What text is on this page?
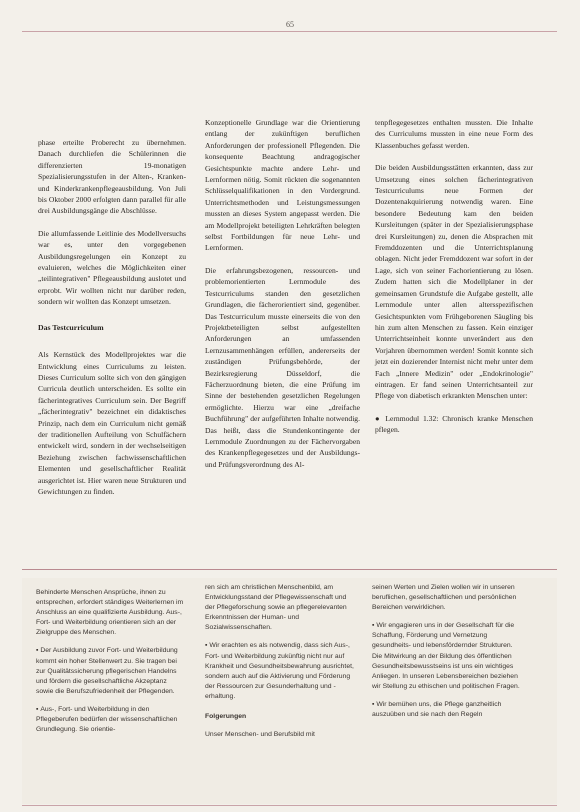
65

phase erteilte Proberecht zu übernehmen. Danach durchliefen die Schülerinnen die differenzierten 19-monatigen Spezialisierungsstufen in der Alten-, Kranken- und Kinderkrankenpflegeausbildung. Von Juli bis Oktober 2000 erfolgten dann parallel für alle drei Ausbildungsgänge die Abschlüsse.

Die allumfassende Leitlinie des Modellversuchs war es, unter den vorgegebenen Ausbildungsregelungen ein Konzept zu evaluieren, welches die Möglichkeiten einer „teilintegrativen" Pflegeausbildung auslotet und erprobt. Wir wollten nicht nur darüber reden, sondern wir wollten das Konzept umsetzen.

Das Testcurriculum

Als Kernstück des Modellprojektes war die Entwicklung eines Curriculums zu leisten. Dieses Curriculum sollte sich von den gängigen Curricula deutlich unterscheiden. Es sollte ein fächerintegratives Curriculum sein. Der Begriff „fächerintegrativ" bezeichnet ein didaktisches Prinzip, nach dem ein Curriculum nicht gemäß der traditionellen Aufteilung von Schulfächern entwickelt wird, sondern in der wechselseitigen Beziehung zwischen fachwissenschaftlichen Elementen und gesellschaftlicher Realität ausgerichtet ist. Hier waren neue Strukturen und Gewichtungen zu finden.

Konzeptionelle Grundlage war die Orientierung entlang der zukünftigen beruflichen Anforderungen der professionell Pflegenden. Die konsequente Beachtung andragogischer Gesichtspunkte machte andere Lehr- und Lernformen nötig. Somit rückten die sogenannten Schlüsselqualifikationen in den Vordergrund. Unterrichtsmethoden und Leistungsmessungen mussten an dieses System angepasst werden. Die am Modellprojekt beteiligten Lehrkräften belegten selbst Fortbildungen für neue Lehr- und Lernformen.

Die erfahrungsbezogenen, ressourcen- und problemorientierten Lernmodule des Testcurriculums standen den gesetzlichen Grundlagen, die fächerorientiert sind, gegenüber. Das Testcurriculum musste einerseits die von den Projektbeteiligten selbst aufgestellten Anforderungen an umfassenden Lernzusammenhängen erfüllen, andererseits der zuständigen Prüfungsbehörde, der Bezirksregierung Düsseldorf, die Fächerzuordnung bieten, die eine Prüfung im Sinne der bestehenden gesetzlichen Regelungen ermöglichte. Hierzu war eine „dreifache Buchführung" der aufgeführten Inhalte notwendig. Das heißt, dass die Stundenkontingente der Lernmodule Zuordnungen zu der Fächervorgaben des Krankenpflegegesetzes und der Ausbildungs- und Prüfungsverordnung des Al-

tenpflegegesetzes enthalten mussten. Die Inhalte des Curriculums mussten in eine neue Form des Klassenbuches gefasst werden.

Die beiden Ausbildungsstätten erkannten, dass zur Umsetzung eines solchen fächerintegrativen Testcurriculums neue Formen der Dozentenakquirierung notwendig waren. Eine besondere Bedeutung kam den beiden Kursleitungen (später in der Spezialisierungsphase drei Kursleitungen) zu, denen die Absprachen mit Fremddozenten und die Unterrichtsplanung oblagen. Nicht jeder Fremddozent war sofort in der Lage, sich von seiner Fachorientierung zu lösen. Zudem hatten sich die Modellplaner in der gemeinsamen Grundstufe die Aufgabe gestellt, alle Lernmodule unter allen altersspezifischen Gesichtspunkten vom Frühgeborenen Säugling bis hin zum alten Menschen zu fassen. Kein einziger Unterrichtseinheit konnte unverändert aus den Vorjahren übernommen werden! Somit konnte sich jetzt ein dozierender Internist nicht mehr unter dem Fach „Innere Medizin" oder „Endokrinologie" eintragen. Er fand seinen Unterrichtsanteil zur Pflege von diabetisch erkrankten Menschen unter:

● Lernmodul 1.32: Chronisch kranke Menschen pflegen.

Behinderte Menschen Ansprüche, ihnen zu entsprechen, erfordert ständiges Weiterlernen im Anschluss an eine qualifizierte Ausbildung. Aus-, Fort- und Weiterbildung orientieren sich an der Zielgruppe des Menschen.

▪ Der Ausbildung zuvor Fort- und Weiterbildung kommt ein hoher Stellenwert zu. Sie tragen bei zur Qualitätssicherung pflegerischen Handelns und fördern die gesellschaftliche Akzeptanz sowie die Berufszufriedenheit der Pflegenden.

▪ Aus-, Fort- und Weiterbildung in den Pflegeberufen bedürfen der wissenschaftlichen Grundlegung. Sie orientie-

ren sich am christlichen Menschenbild, am Entwicklungsstand der Pflegewissenschaft und der Pflegeforschung sowie an pflegerelevanten Erkenntnissen der Human- und Sozialwissenschaften.

▪ Wir erachten es als notwendig, dass sich Aus-, Fort- und Weiterbildung zukünftig nicht nur auf Krankheit und Gesundheitsbewahrung ausrichtet, sondern auch auf die Aktivierung und Förderung der Ressourcen zur Gesunderhaltung und -erhaltung.

Folgerungen

Unser Menschen- und Berufsbild mit

seinen Werten und Zielen wollen wir in unseren beruflichen, gesellschaftlichen und persönlichen Bereichen verwirklichen.

▪ Wir engagieren uns in der Gesellschaft für die Schaffung, Förderung und Vernetzung gesundheits- und lebensfördernder Strukturen. Die Mitwirkung an der Bildung des öffentlichen Gesundheitsbewusstseins ist uns ein wichtiges Anliegen. In unseren Lebensbereichen beziehen wir Stellung zu ethischen und politischen Fragen.

▪ Wir bemühen uns, die Pflege ganzheitlich auszuüben und sie nach den Regeln
